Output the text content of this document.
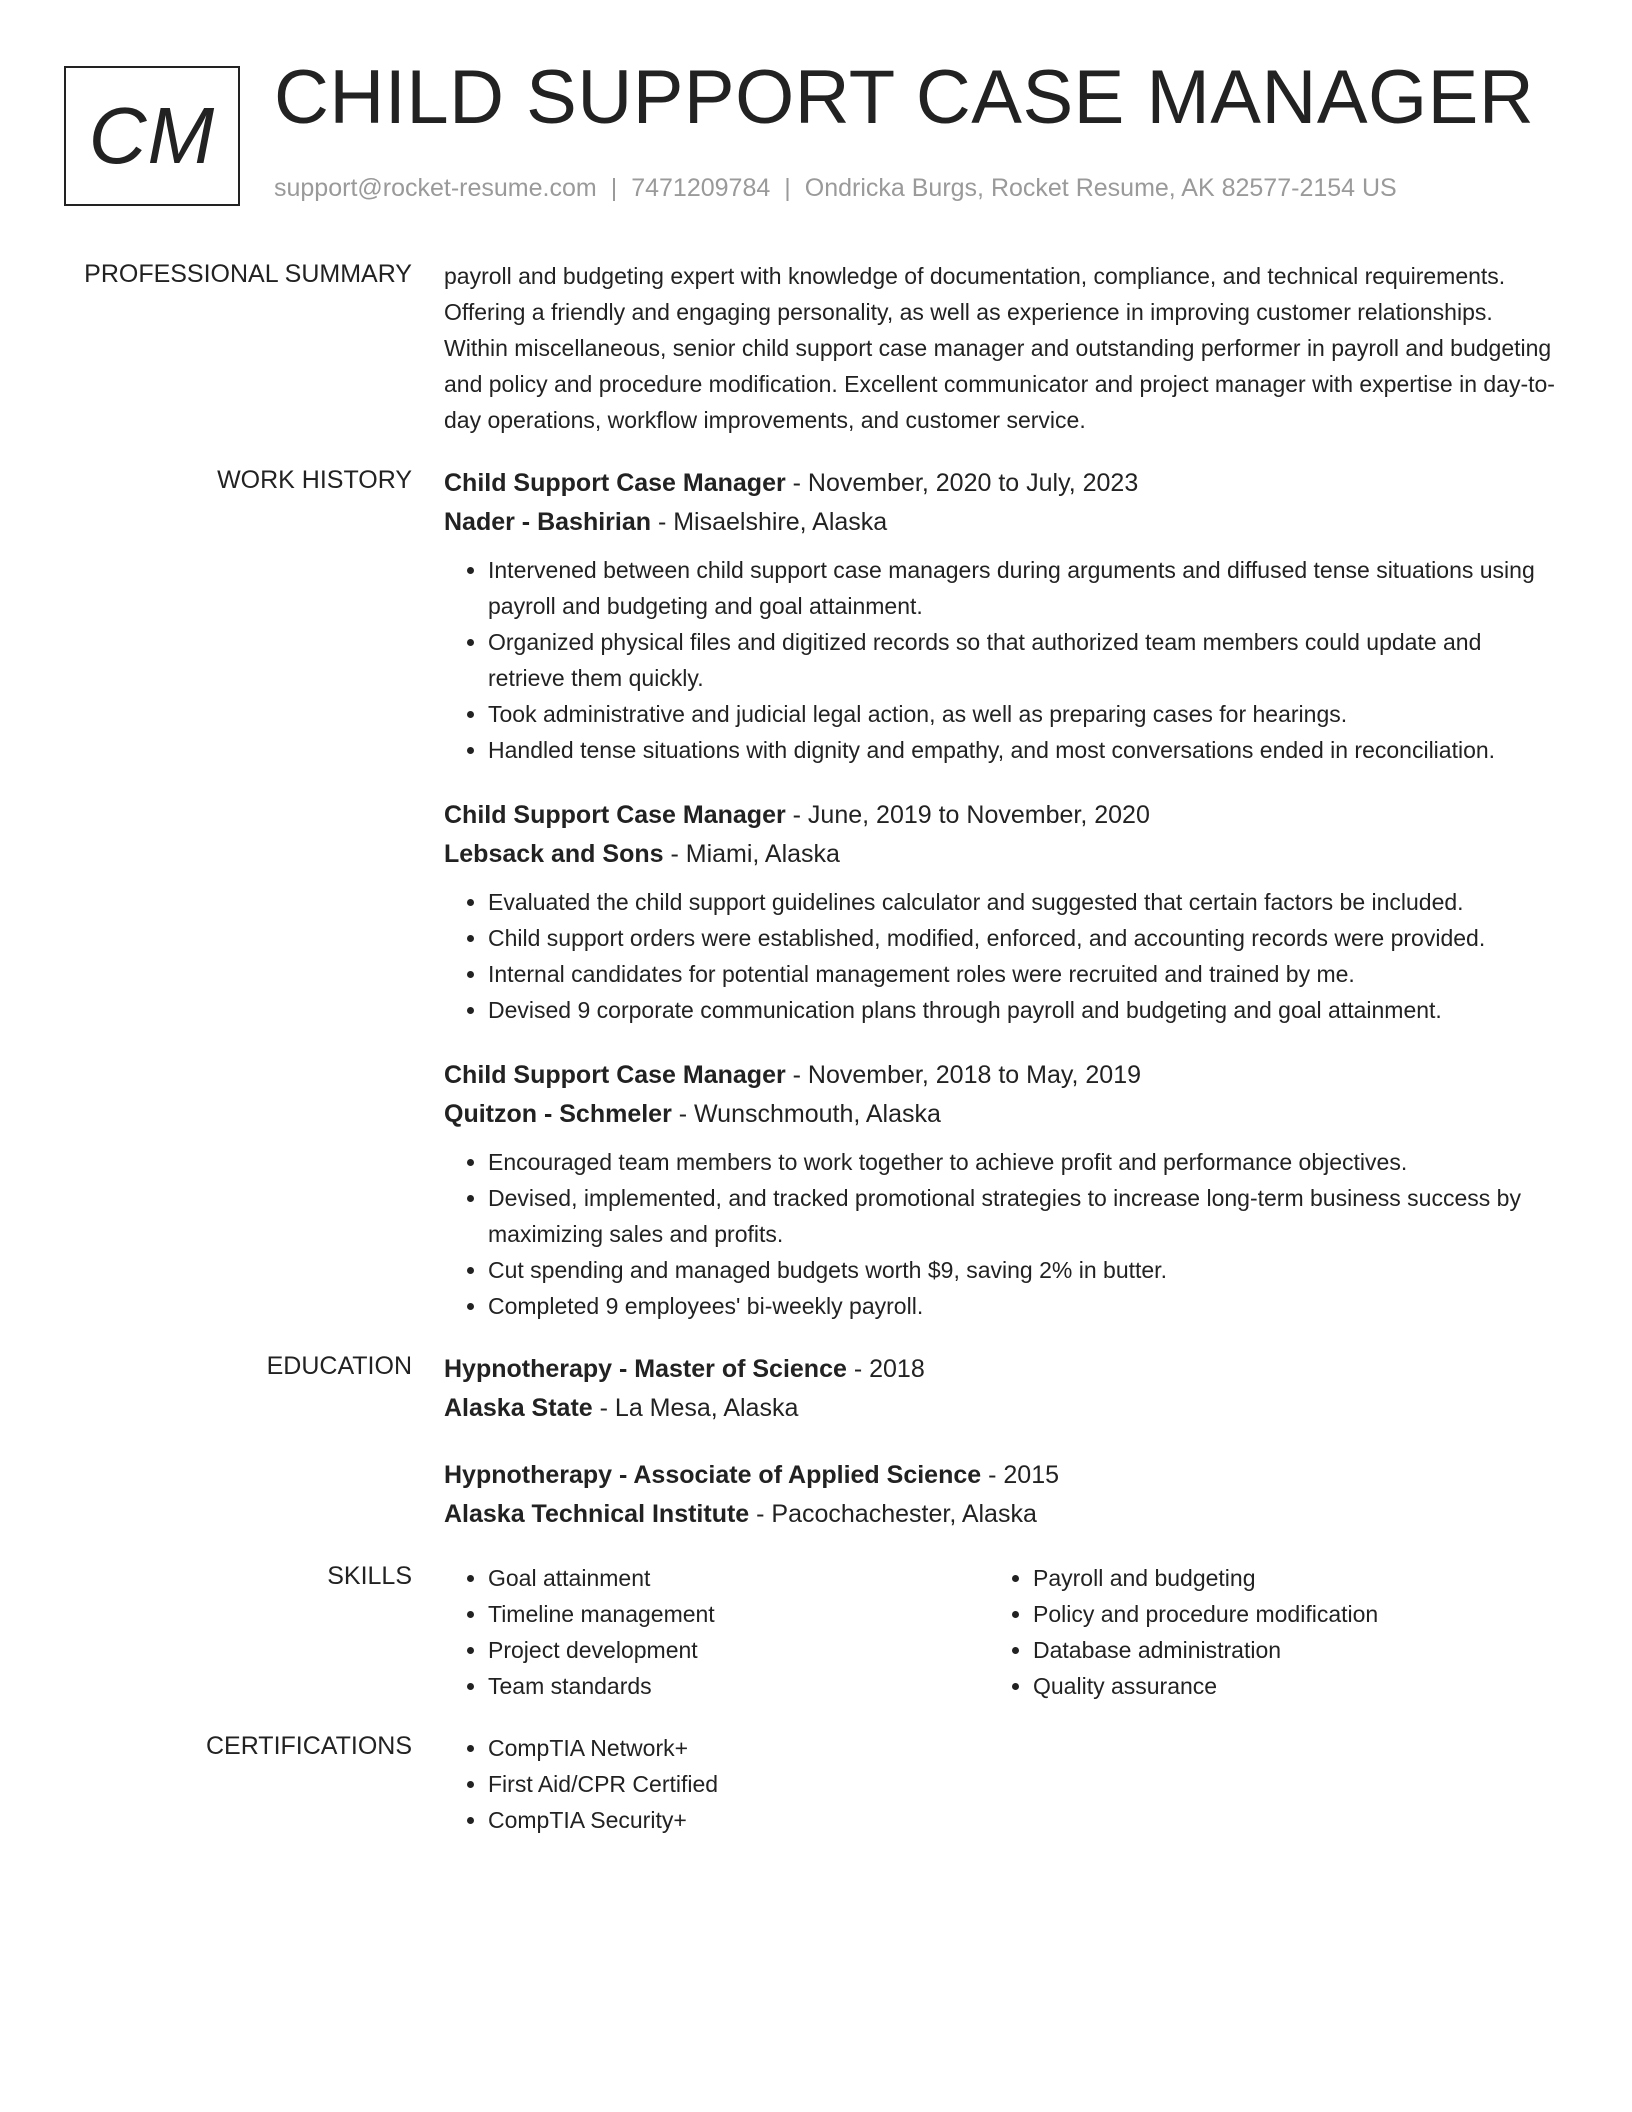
CM CHILD SUPPORT CASE MANAGER
support@rocket-resume.com | 7471209784 | Ondricka Burgs, Rocket Resume, AK 82577-2154 US
PROFESSIONAL SUMMARY payroll and budgeting expert with knowledge of documentation, compliance, and technical requirements. Offering a friendly and engaging personality, as well as experience in improving customer relationships. Within miscellaneous, senior child support case manager and outstanding performer in payroll and budgeting and policy and procedure modification. Excellent communicator and project manager with expertise in day-to-day operations, workflow improvements, and customer service.

WORK HISTORY Child Support Case Manager - November, 2020 to July, 2023
Nader - Bashirian - Misaelshire, Alaska
• Intervened between child support case managers during arguments and diffused tense situations using payroll and budgeting and goal attainment.
• Organized physical files and digitized records so that authorized team members could update and retrieve them quickly.
• Took administrative and judicial legal action, as well as preparing cases for hearings.
• Handled tense situations with dignity and empathy, and most conversations ended in reconciliation.
Child Support Case Manager - June, 2019 to November, 2020
Lebsack and Sons - Miami, Alaska
• Evaluated the child support guidelines calculator and suggested that certain factors be included.
• Child support orders were established, modified, enforced, and accounting records were provided.
• Internal candidates for potential management roles were recruited and trained by me.
• Devised 9 corporate communication plans through payroll and budgeting and goal attainment.
Child Support Case Manager - November, 2018 to May, 2019
Quitzon - Schmeler - Wunschmouth, Alaska
• Encouraged team members to work together to achieve profit and performance objectives.
• Devised, implemented, and tracked promotional strategies to increase long-term business success by maximizing sales and profits.
• Cut spending and managed budgets worth $9, saving 2% in butter.
• Completed 9 employees' bi-weekly payroll.
EDUCATION Hypnotherapy - Master of Science - 2018
Alaska State - La Mesa, Alaska
Hypnotherapy - Associate of Applied Science - 2015
Alaska Technical Institute - Pacochachester, Alaska
SKILLS	• Goal attainment
• Timeline management
• Project development
• Team standards
• Payroll and budgeting
• Policy and procedure modification
• Database administration
• Quality assurance
CERTIFICATIONS	• CompTIA Network+
• First Aid/CPR Certified
• CompTIA Security+
